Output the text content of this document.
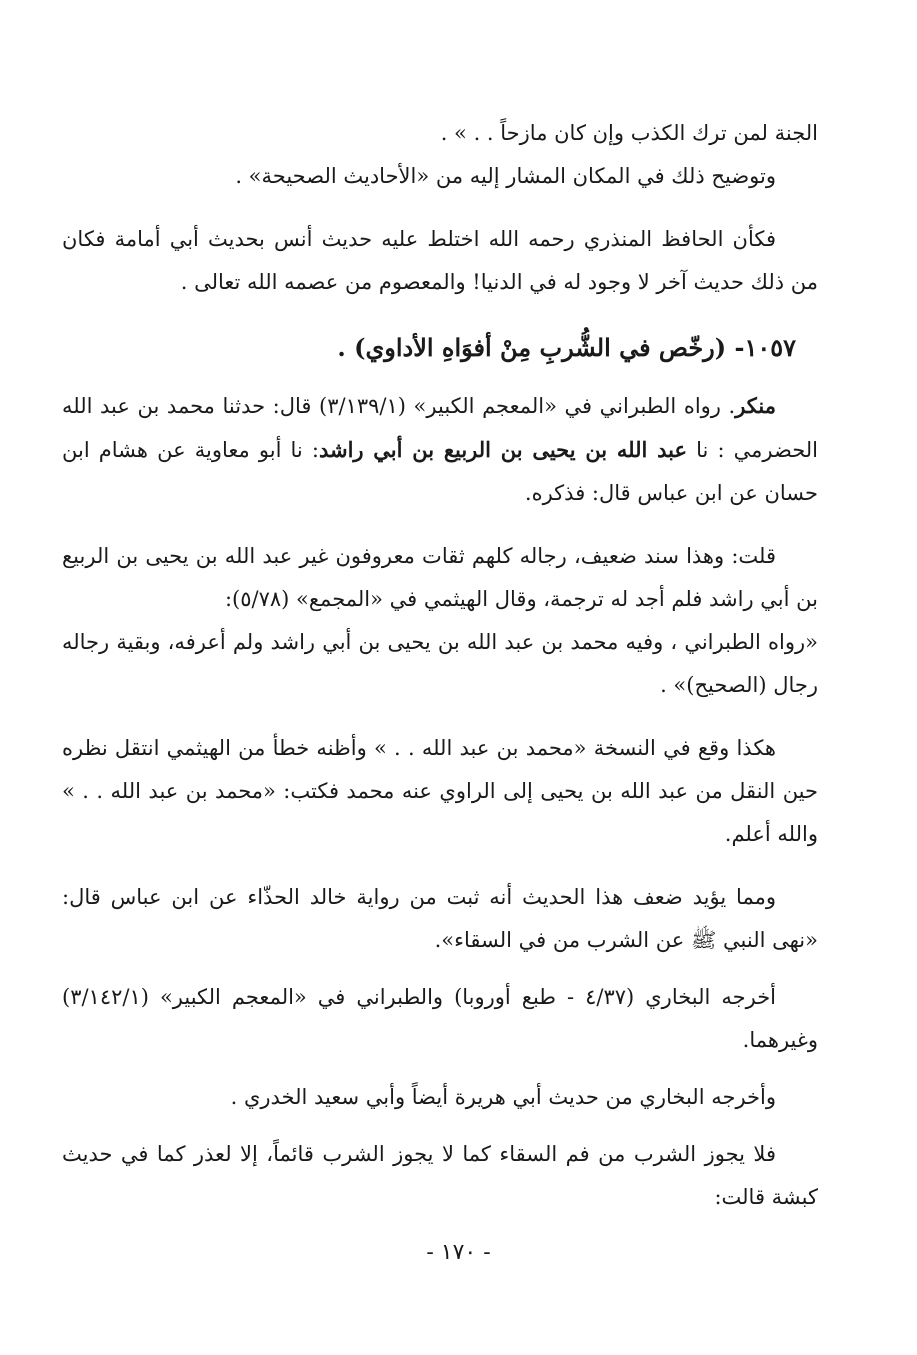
الجنة لمن ترك الكذب وإن كان مازحاً . . » .

وتوضيح ذلك في المكان المشار إليه من «الأحاديث الصحيحة» .

فكأن الحافظ المنذري رحمه الله اختلط عليه حديث أنس بحديث أبي أمامة فكان من ذلك حديث آخر لا وجود له في الدنيا! والمعصوم من عصمه الله تعالى .

١٠٥٧- (رخّص في الشُّربِ مِنْ أفوَاهِ الأداوي) .

منكر. رواه الطبراني في «المعجم الكبير» (٣/١٣٩/١) قال: حدثنا محمد بن عبد الله الحضرمي : نا عبد الله بن يحيى بن الربيع بن أبي راشد: نا أبو معاوية عن هشام ابن حسان عن ابن عباس قال: فذكره.

قلت: وهذا سند ضعيف، رجاله كلهم ثقات معروفون غير عبد الله بن يحيى بن الربيع بن أبي راشد فلم أجد له ترجمة، وقال الهيثمي في «المجمع» (٥/٧٨):

«رواه الطبراني ، وفيه محمد بن عبد الله بن يحيى بن أبي راشد ولم أعرفه، وبقية رجاله رجال (الصحيح)» .

هكذا وقع في النسخة «محمد بن عبد الله . . » وأظنه خطأ من الهيثمي انتقل نظره حين النقل من عبد الله بن يحيى إلى الراوي عنه محمد فكتب: «محمد بن عبد الله . . » والله أعلم.

ومما يؤيد ضعف هذا الحديث أنه ثبت من رواية خالد الحذّاء عن ابن عباس قال: «نهى النبي ﷺ عن الشرب من في السقاء».

أخرجه البخاري (٤/٣٧ - طبع أوروبا) والطبراني في «المعجم الكبير» (٣/١٤٢/١) وغيرهما.

وأخرجه البخاري من حديث أبي هريرة أيضاً وأبي سعيد الخدري .

فلا يجوز الشرب من فم السقاء كما لا يجوز الشرب قائماً، إلا لعذر كما في حديث كبشة قالت:

- ١٧٠ -
